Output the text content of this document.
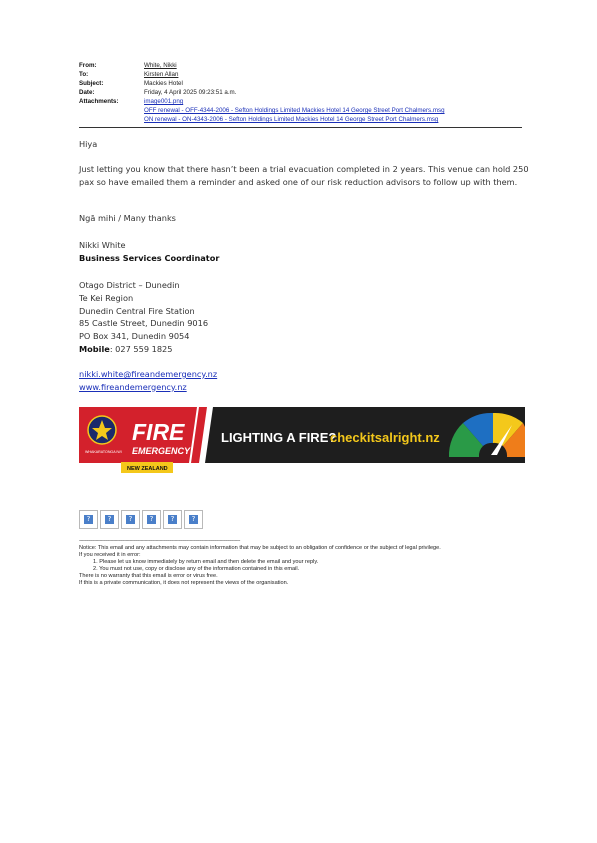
From:	White, Nikki
To:	Kirsten Allan
Subject:	Mackies Hotel
Date:	Friday, 4 April 2025 09:23:51 a.m.
Attachments:	image001.png
OFF renewal - OFF-4344-2006 - Sefton Holdings Limited Mackies Hotel 14 George Street Port Chalmers.msg
ON renewal - ON-4343-2006 - Sefton Holdings Limited Mackies Hotel 14 George Street Port Chalmers.msg
Hiya
Just letting you know that there hasn’t been a trial evacuation completed in 2 years. This venue can hold 250 pax so have emailed them a reminder and asked one of our risk reduction advisors to follow up with them.
Ngā mihi / Many thanks
Nikki White
Business Services Coordinator
Otago District – Dunedin
Te Kei Region
Dunedin Central Fire Station
85 Castle Street, Dunedin 9016
PO Box 341, Dunedin 9054
Mobile: 027 559 1825
nikki.white@fireandemergency.nz
www.fireandemergency.nz
WHAKARATONGA IWI
FIRE
EMERGENCY
NEW ZEALAND
LIGHTING A FIRE?
checkitsalright.nz
?	?	?	?	?	?
----------------------------------------------------------------------------------------------------------------------
Notice: This email and any attachments may contain information that may be subject to an obligation of confidence or the subject of legal privilege.
If you received it in error:
1. Please let us know immediately by return email and then delete the email and your reply.
2. You must not use, copy or disclose any of the information contained in this email.
There is no warranty that this email is error or virus free.
If this is a private communication, it does not represent the views of the organisation.
